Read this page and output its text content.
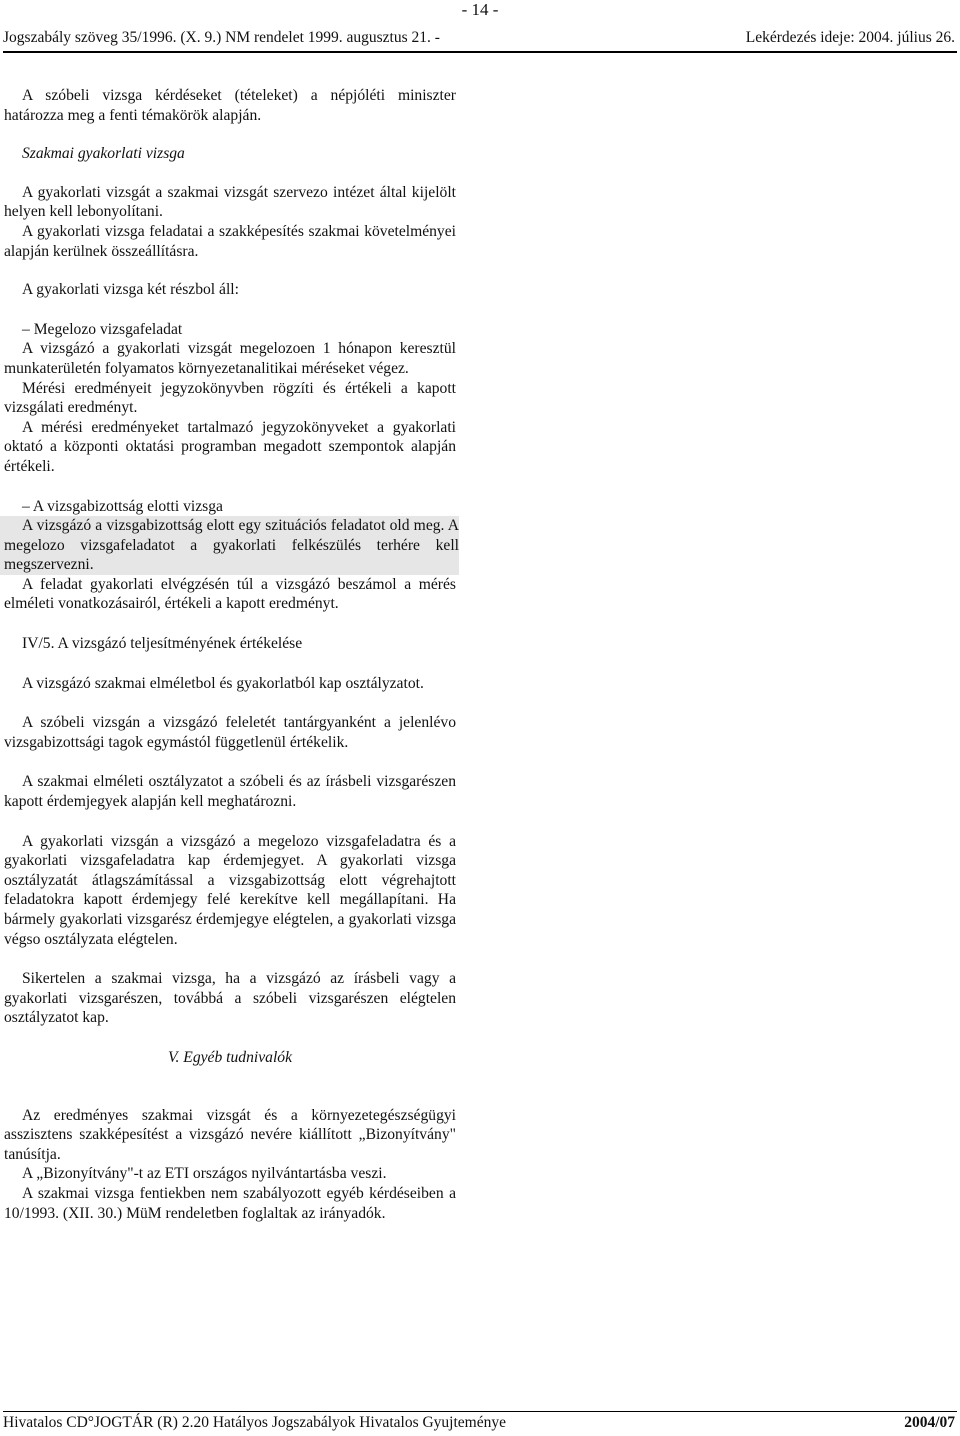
- 14 -
Jogszabály szöveg 35/1996. (X. 9.) NM rendelet 1999. augusztus 21. -	Lekérdezés ideje: 2004. július 26.

A szóbeli vizsga kérdéseket (tételeket) a népjóléti miniszter határozza meg a fenti témakörök alapján.

Szakmai gyakorlati vizsga

A gyakorlati vizsgát a szakmai vizsgát szervezo intézet által kijelölt helyen kell lebonyolítani.

A gyakorlati vizsga feladatai a szakképesítés szakmai követelményei alapján kerülnek összeállításra.

A gyakorlati vizsga két részbol áll:

– Megelozo vizsgafeladat

A vizsgázó a gyakorlati vizsgát megelozoen 1 hónapon keresztül munkaterületén folyamatos környezetanalitikai méréseket végez.

Mérési eredményeit jegyzokönyvben rögzíti és értékeli a kapott vizsgálati eredményt.

A mérési eredményeket tartalmazó jegyzokönyveket a gyakorlati oktató a központi oktatási programban megadott szempontok alapján értékeli.

– A vizsgabizottság elotti vizsga

A vizsgázó a vizsgabizottság elott egy szituációs feladatot old meg. A megelozo vizsgafeladatot a gyakorlati felkészülés terhére kell megszervezni.

A feladat gyakorlati elvégzésén túl a vizsgázó beszámol a mérés elméleti vonatkozásairól, értékeli a kapott eredményt.

IV/5. A vizsgázó teljesítményének értékelése

A vizsgázó szakmai elméletbol és gyakorlatból kap osztályzatot.

A szóbeli vizsgán a vizsgázó feleletét tantárgyanként a jelenlévo vizsgabizottsági tagok egymástól függetlenül értékelik.

A szakmai elméleti osztályzatot a szóbeli és az írásbeli vizsgarészen kapott érdemjegyek alapján kell meghatározni.

A gyakorlati vizsgán a vizsgázó a megelozo vizsgafeladatra és a gyakorlati vizsgafeladatra kap érdemjegyet. A gyakorlati vizsga osztályzatát átlagszámítással a vizsgabizottság elott végrehajtott feladatokra kapott érdemjegy felé kerekítve kell megállapítani. Ha bármely gyakorlati vizsgarész érdemjegye elégtelen, a gyakorlati vizsga végso osztályzata elégtelen.

Sikertelen a szakmai vizsga, ha a vizsgázó az írásbeli vagy a gyakorlati vizsgarészen, továbbá a szóbeli vizsgarészen elégtelen osztályzatot kap.

V. Egyéb tudnivalók

Az eredményes szakmai vizsgát és a környezetegészségügyi asszisztens szakképesítést a vizsgázó nevére kiállított „Bizonyítvány" tanúsítja.

A „Bizonyítvány"-t az ETI országos nyilvántartásba veszi.

A szakmai vizsga fentiekben nem szabályozott egyéb kérdéseiben a 10/1993. (XII. 30.) MüM rendeletben foglaltak az irányadók.

Hivatalos CD°JOGTÁR (R) 2.20 Hatályos Jogszabályok Hivatalos Gyujteménye	2004/07
